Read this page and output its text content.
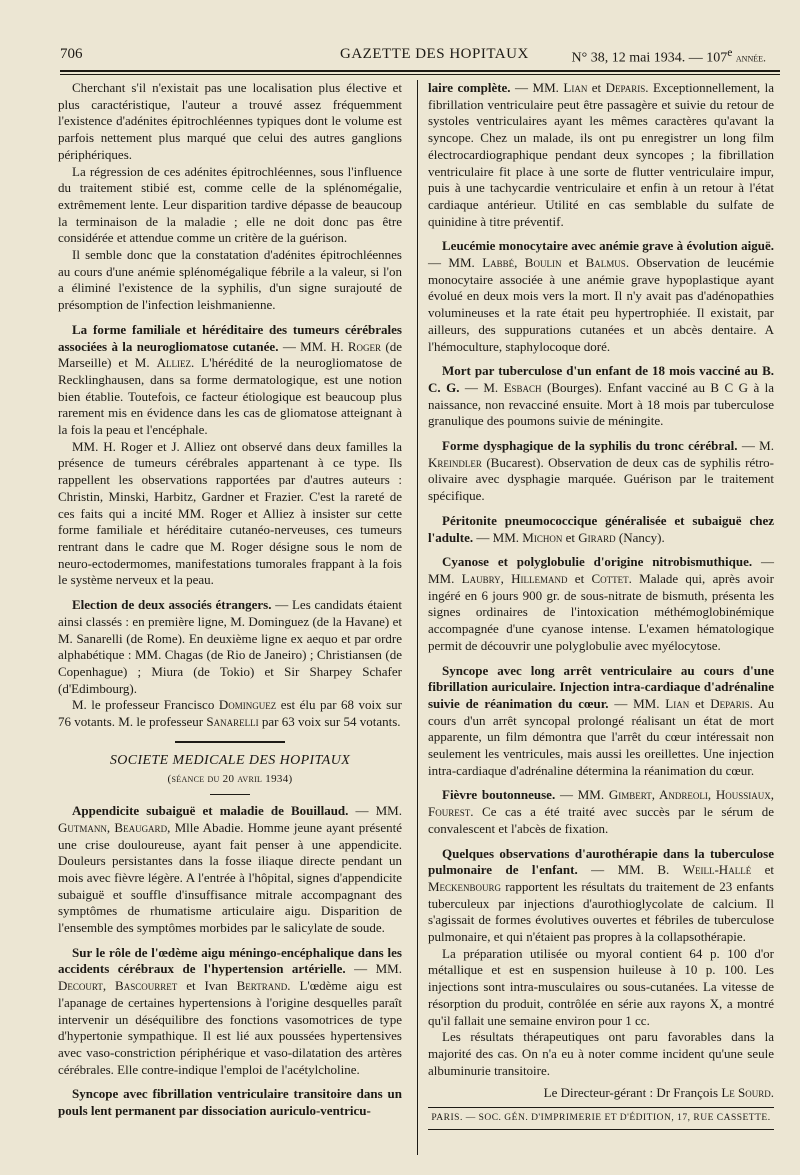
706	GAZETTE DES HOPITAUX	N° 38, 12 mai 1934. — 107e année.

Cherchant s'il n'existait pas une localisation plus élective et plus caractéristique, l'auteur a trouvé assez fréquemment l'existence d'adénites épitrochléennes typiques dont le volume est parfois nettement plus marqué que celui des autres ganglions périphériques.

La régression de ces adénites épitrochléennes, sous l'influence du traitement stibié est, comme celle de la splénomégalie, extrêmement lente. Leur disparition tardive dépasse de beaucoup la terminaison de la maladie ; elle ne doit donc pas être considérée et attendue comme un critère de la guérison.

Il semble donc que la constatation d'adénites épitrochléennes au cours d'une anémie splénomégalique fébrile a la valeur, si l'on a éliminé l'existence de la syphilis, d'un signe surajouté de présomption de l'infection leishmanienne.

La forme familiale et héréditaire des tumeurs cérébrales associées à la neurogliomatose cutanée. — MM. H. Roger (de Marseille) et M. Alliez. L'hérédité de la neurogliomatose de Recklinghausen, dans sa forme dermatologique, est une notion bien établie. Toutefois, ce facteur étiologique est beaucoup plus rarement mis en évidence dans les cas de gliomatose atteignant à la fois la peau et l'encéphale.

MM. H. Roger et J. Alliez ont observé dans deux familles la présence de tumeurs cérébrales appartenant à ce type. Ils rappellent les observations rapportées par d'autres auteurs : Christin, Minski, Harbitz, Gardner et Frazier. C'est la rareté de ces faits qui a incité MM. Roger et Alliez à insister sur cette forme familiale et héréditaire cutanéo-nerveuses, ces tumeurs rentrant dans le cadre que M. Roger désigne sous le nom de neuro-ectodermomes, manifestations tumorales frappant à la fois le système nerveux et la peau.

Election de deux associés étrangers. — Les candidats étaient ainsi classés : en première ligne, M. Dominguez (de la Havane) et M. Sanarelli (de Rome). En deuxième ligne ex aequo et par ordre alphabétique : MM. Chagas (de Rio de Janeiro) ; Christiansen (de Copenhague) ; Miura (de Tokio) et Sir Sharpey Schafer (d'Edimbourg).

M. le professeur Francisco Dominguez est élu par 68 voix sur 76 votants. M. le professeur Sanarelli par 63 voix sur 54 votants.

SOCIETE MEDICALE DES HOPITAUX
(séance du 20 avril 1934)

Appendicite subaiguë et maladie de Bouillaud. — MM. Gutmann, Beaugard, Mlle Abadie. Homme jeune ayant présenté une crise douloureuse, ayant fait penser à une appendicite. Douleurs persistantes dans la fosse iliaque directe pendant un mois avec fièvre légère. A l'entrée à l'hôpital, signes d'appendicite subaiguë et souffle d'insuffisance mitrale accompagnant des symptômes de rhumatisme articulaire aigu. Disparition de l'ensemble des symptômes morbides par le salicylate de soude.

Sur le rôle de l'œdème aigu méningo-encéphalique dans les accidents cérébraux de l'hypertension artérielle. — MM. Decourt, Bascourret et Ivan Bertrand. L'œdème aigu est l'apanage de certaines hypertensions à l'origine desquelles paraît intervenir un déséquilibre des fonctions vasomotrices de type d'hypertonie sympathique. Il est lié aux poussées hypertensives avec vaso-constriction périphérique et vaso-dilatation des artères cérébrales. Elle contre-indique l'emploi de l'acétylcholine.

Syncope avec fibrillation ventriculaire transitoire dans un pouls lent permanent par dissociation auriculo-ventricu-

laire complète. — MM. Lian et Deparis. Exceptionnellement, la fibrillation ventriculaire peut être passagère et suivie du retour de systoles ventriculaires ayant les mêmes caractères qu'avant la syncope. Chez un malade, ils ont pu enregistrer un long film électrocardiographique pendant deux syncopes ; la fibrillation ventriculaire fit place à une sorte de flutter ventriculaire impur, puis à une tachycardie ventriculaire et enfin à un retour à l'état cardiaque antérieur. Utilité en cas semblable du sulfate de quinidine à titre préventif.

Leucémie monocytaire avec anémie grave à évolution aiguë. — MM. Labbé, Boulin et Balmus. Observation de leucémie monocytaire associée à une anémie grave hypoplastique ayant évolué en deux mois vers la mort. Il n'y avait pas d'adénopathies volumineuses et la rate était peu hypertrophiée. Il existait, par ailleurs, des suppurations cutanées et un abcès dentaire. A l'hémoculture, staphylocoque doré.

Mort par tuberculose d'un enfant de 18 mois vacciné au B. C. G. — M. Esbach (Bourges). Enfant vacciné au B C G à la naissance, non revacciné ensuite. Mort à 18 mois par tuberculose granulique des poumons suivie de méningite.

Forme dysphagique de la syphilis du tronc cérébral. — M. Kreindler (Bucarest). Observation de deux cas de syphilis rétro-olivaire avec dysphagie marquée. Guérison par le traitement spécifique.

Péritonite pneumococcique généralisée et subaiguë chez l'adulte. — MM. Michon et Girard (Nancy).

Cyanose et polyglobulie d'origine nitrobismuthique. — MM. Laubry, Hillemand et Cottet. Malade qui, après avoir ingéré en 6 jours 900 gr. de sous-nitrate de bismuth, présenta les signes ordinaires de l'intoxication méthémoglobinémique accompagnée d'une cyanose intense. L'examen hématologique permit de découvrir une polyglobulie avec myélocytose.

Syncope avec long arrêt ventriculaire au cours d'une fibrillation auriculaire. Injection intra-cardiaque d'adrénaline suivie de réanimation du cœur. — MM. Lian et Deparis. Au cours d'un arrêt syncopal prolongé réalisant un état de mort apparente, un film démontra que l'arrêt du cœur intéressait non seulement les ventricules, mais aussi les oreillettes. Une injection intra-cardiaque d'adrénaline détermina la réanimation du cœur.

Fièvre boutonneuse. — MM. Gimbert, Andreoli, Houssiaux, Fourest. Ce cas a été traité avec succès par le sérum de convalescent et l'abcès de fixation.

Quelques observations d'aurothérapie dans la tuberculose pulmonaire de l'enfant. — MM. B. Weill-Hallé et Meckenbourg rapportent les résultats du traitement de 23 enfants tuberculeux par injections d'aurothioglycolate de calcium. Il s'agissait de formes évolutives ouvertes et fébriles de tuberculose pulmonaire, et qui n'étaient pas propres à la collapsothérapie.

La préparation utilisée ou myoral contient 64 p. 100 d'or métallique et est en suspension huileuse à 10 p. 100. Les injections sont intra-musculaires ou sous-cutanées. La vitesse de résorption du produit, contrôlée en série aux rayons X, a montré qu'il fallait une semaine environ pour 1 cc.

Les résultats thérapeutiques ont paru favorables dans la majorité des cas. On n'a eu à noter comme incident qu'une seule albuminurie transitoire.

Le Directeur-gérant : Dr François Le Sourd.
PARIS. — SOC. GÉN. D'IMPRIMERIE ET D'ÉDITION, 17, RUE CASSETTE.
